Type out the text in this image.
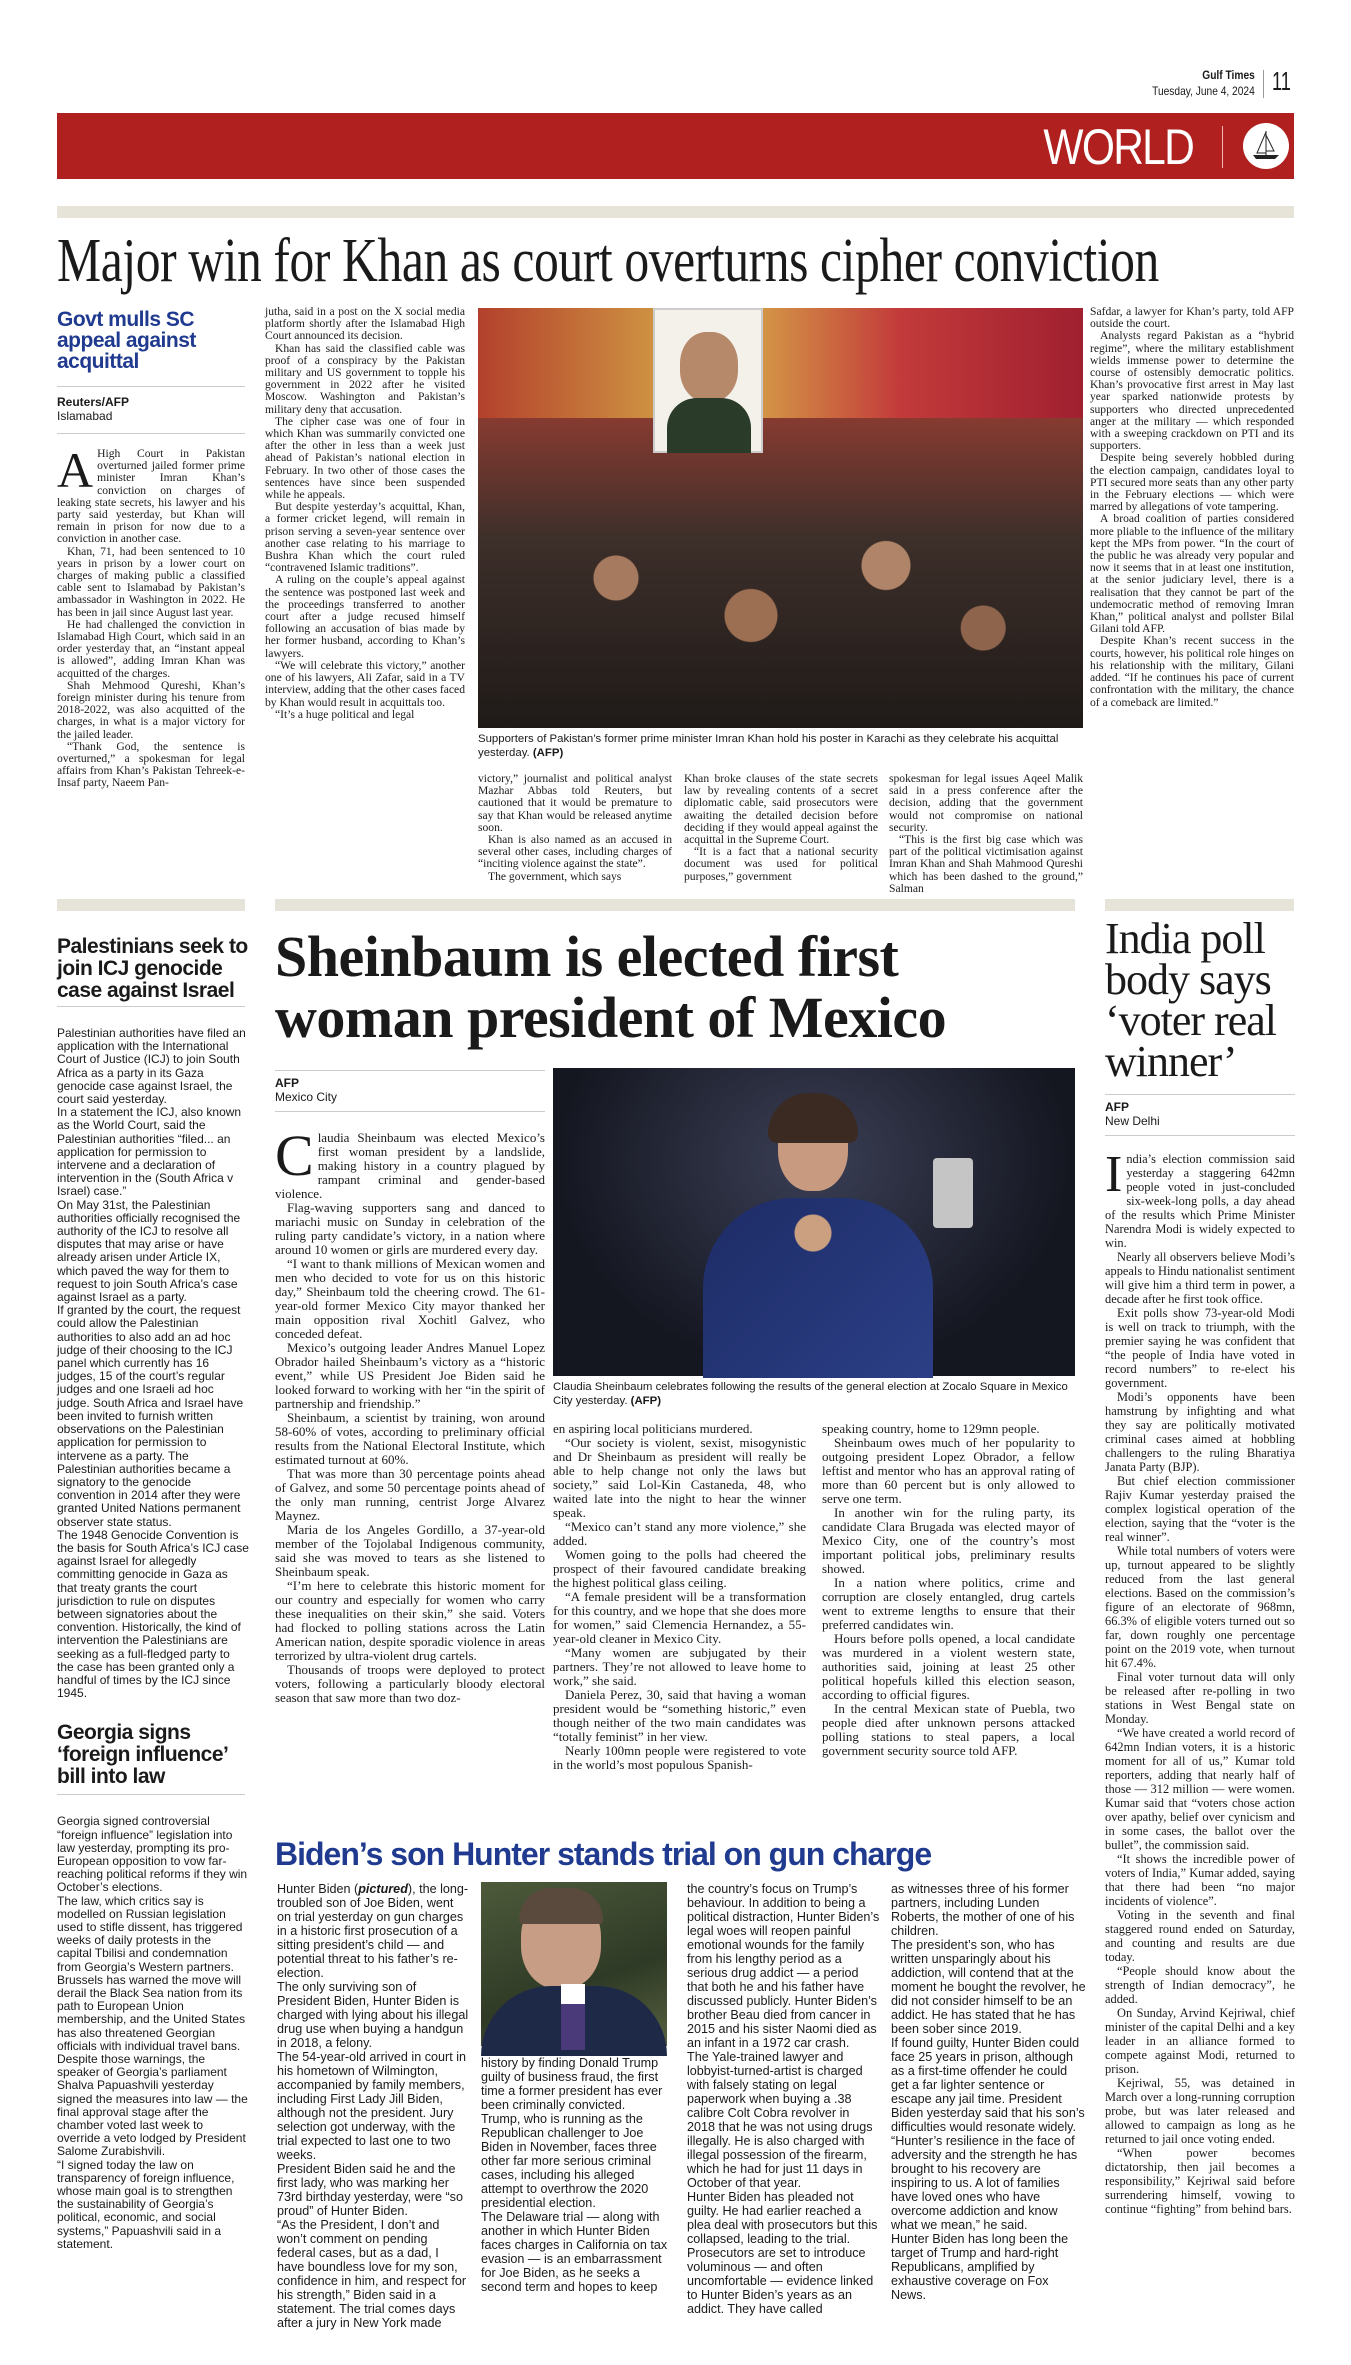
Gulf Times
Tuesday, June 4, 2024 11
WORLD
Major win for Khan as court overturns cipher conviction
Govt mulls SC appeal against acquittal
Reuters/AFP
Islamabad
A High Court in Pakistan overturned jailed former prime minister Imran Khan’s conviction on charges of leaking state secrets, his lawyer and his party said yesterday, but Khan will remain in prison for now due to a conviction in another case.

Khan, 71, had been sentenced to 10 years in prison by a lower court on charges of making public a classified cable sent to Islamabad by Pakistan’s ambassador in Washington in 2022. He has been in jail since August last year.

He had challenged the conviction in Islamabad High Court, which said in an order yesterday that, an “instant appeal is allowed”, adding Imran Khan was acquitted of the charges.

Shah Mehmood Qureshi, Khan’s foreign minister during his tenure from 2018-2022, was also acquitted of the charges, in what is a major victory for the jailed leader.

“Thank God, the sentence is overturned,” a spokesman for legal affairs from Khan’s Pakistan Tehreek-e-Insaf party, Naeem Pan-

jutha, said in a post on the X social media platform shortly after the Islamabad High Court announced its decision.

Khan has said the classified cable was proof of a conspiracy by the Pakistan military and US government to topple his government in 2022 after he visited Moscow. Washington and Pakistan’s military deny that accusation.

The cipher case was one of four in which Khan was summarily convicted one after the other in less than a week just ahead of Pakistan’s national election in February. In two other of those cases the sentences have since been suspended while he appeals.

But despite yesterday’s acquittal, Khan, a former cricket legend, will remain in prison serving a seven-year sentence over another case relating to his marriage to Bushra Khan which the court ruled “contravened Islamic traditions”.

A ruling on the couple’s appeal against the sentence was postponed last week and the proceedings transferred to another court after a judge recused himself following an accusation of bias made by her former husband, according to Khan’s lawyers.

“We will celebrate this victory,” another one of his lawyers, Ali Zafar, said in a TV interview, adding that the other cases faced by Khan would result in acquittals too.

“It’s a huge political and legal

Supporters of Pakistan’s former prime minister Imran Khan hold his poster in Karachi as they celebrate his acquittal yesterday. (AFP)

victory,” journalist and political analyst Mazhar Abbas told Reuters, but cautioned that it would be premature to say that Khan would be released anytime soon.

Khan is also named as an accused in several other cases, including charges of “inciting violence against the state”.

The government, which says

Khan broke clauses of the state secrets law by revealing contents of a secret diplomatic cable, said prosecutors were awaiting the detailed decision before deciding if they would appeal against the acquittal in the Supreme Court.

“It is a fact that a national security document was used for political purposes,” government

spokesman for legal issues Aqeel Malik said in a press conference after the decision, adding that the government would not compromise on national security.

“This is the first big case which was part of the political victimisation against Imran Khan and Shah Mahmood Qureshi which has been dashed to the ground,” Salman

Safdar, a lawyer for Khan’s party, told AFP outside the court.

Analysts regard Pakistan as a “hybrid regime”, where the military establishment wields immense power to determine the course of ostensibly democratic politics. Khan’s provocative first arrest in May last year sparked nationwide protests by supporters who directed unprecedented anger at the military — which responded with a sweeping crackdown on PTI and its supporters.

Despite being severely hobbled during the election campaign, candidates loyal to PTI secured more seats than any other party in the February elections — which were marred by allegations of vote tampering.

A broad coalition of parties considered more pliable to the influence of the military kept the MPs from power. “In the court of the public he was already very popular and now it seems that in at least one institution, at the senior judiciary level, there is a realisation that they cannot be part of the undemocratic method of removing Imran Khan,” political analyst and pollster Bilal Gilani told AFP.

Despite Khan’s recent success in the courts, however, his political role hinges on his relationship with the military, Gilani added. “If he continues his pace of current confrontation with the military, the chance of a comeback are limited.”

Palestinians seek to join ICJ genocide case against Israel

Palestinian authorities have filed an application with the International Court of Justice (ICJ) to join South Africa as a party in its Gaza genocide case against Israel, the court said yesterday.

In a statement the ICJ, also known as the World Court, said the Palestinian authorities “filed... an application for permission to intervene and a declaration of intervention in the (South Africa v Israel) case.”

On May 31st, the Palestinian authorities officially recognised the authority of the ICJ to resolve all disputes that may arise or have already arisen under Article IX, which paved the way for them to request to join South Africa’s case against Israel as a party.

If granted by the court, the request could allow the Palestinian authorities to also add an ad hoc judge of their choosing to the ICJ panel which currently has 16 judges, 15 of the court’s regular judges and one Israeli ad hoc judge. South Africa and Israel have been invited to furnish written observations on the Palestinian application for permission to intervene as a party. The Palestinian authorities became a signatory to the genocide convention in 2014 after they were granted United Nations permanent observer state status.

The 1948 Genocide Convention is the basis for South Africa’s ICJ case against Israel for allegedly committing genocide in Gaza as that treaty grants the court jurisdiction to rule on disputes between signatories about the convention. Historically, the kind of intervention the Palestinians are seeking as a full-fledged party to the case has been granted only a handful of times by the ICJ since 1945.

Georgia signs ‘foreign influence’ bill into law

Georgia signed controversial “foreign influence” legislation into law yesterday, prompting its pro-European opposition to vow far-reaching political reforms if they win October’s elections.

The law, which critics say is modelled on Russian legislation used to stifle dissent, has triggered weeks of daily protests in the capital Tbilisi and condemnation from Georgia’s Western partners. Brussels has warned the move will derail the Black Sea nation from its path to European Union membership, and the United States has also threatened Georgian officials with individual travel bans.

Despite those warnings, the speaker of Georgia’s parliament Shalva Papuashvili yesterday signed the measures into law — the final approval stage after the chamber voted last week to override a veto lodged by President Salome Zurabishvili.

“I signed today the law on transparency of foreign influence, whose main goal is to strengthen the sustainability of Georgia’s political, economic, and social systems,” Papuashvili said in a statement.

Sheinbaum is elected first woman president of Mexico
AFP
Mexico City
C laudia Sheinbaum was elected Mexico’s first woman president by a landslide, making history in a country plagued by rampant criminal and gender-based violence.

Flag-waving supporters sang and danced to mariachi music on Sunday in celebration of the ruling party candidate’s victory, in a nation where around 10 women or girls are murdered every day.

“I want to thank millions of Mexican women and men who decided to vote for us on this historic day,” Sheinbaum told the cheering crowd. The 61-year-old former Mexico City mayor thanked her main opposition rival Xochitl Galvez, who conceded defeat.

Mexico’s outgoing leader Andres Manuel Lopez Obrador hailed Sheinbaum’s victory as a “historic event,” while US President Joe Biden said he looked forward to working with her “in the spirit of partnership and friendship.”

Sheinbaum, a scientist by training, won around 58-60% of votes, according to preliminary official results from the National Electoral Institute, which estimated turnout at 60%.

That was more than 30 percentage points ahead of Galvez, and some 50 percentage points ahead of the only man running, centrist Jorge Alvarez Maynez.

Maria de los Angeles Gordillo, a 37-year-old member of the Tojolabal Indigenous community, said she was moved to tears as she listened to Sheinbaum speak.

“I’m here to celebrate this historic moment for our country and especially for women who carry these inequalities on their skin,” she said. Voters had flocked to polling stations across the Latin American nation, despite sporadic violence in areas terrorized by ultra-violent drug cartels.

Thousands of troops were deployed to protect voters, following a particularly bloody electoral season that saw more than two doz-

Claudia Sheinbaum celebrates following the results of the general election at Zocalo Square in Mexico City yesterday. (AFP)

en aspiring local politicians murdered.

“Our society is violent, sexist, misogynistic and Dr Sheinbaum as president will really be able to help change not only the laws but society,” said Lol-Kin Castaneda, 48, who waited late into the night to hear the winner speak.

“Mexico can’t stand any more violence,” she added.

Women going to the polls had cheered the prospect of their favoured candidate breaking the highest political glass ceiling.

“A female president will be a transformation for this country, and we hope that she does more for women,” said Clemencia Hernandez, a 55-year-old cleaner in Mexico City.

“Many women are subjugated by their partners. They’re not allowed to leave home to work,” she said.

Daniela Perez, 30, said that having a woman president would be “something historic,” even though neither of the two main candidates was “totally feminist” in her view.

Nearly 100mn people were registered to vote in the world’s most populous Spanish-

speaking country, home to 129mn people.

Sheinbaum owes much of her popularity to outgoing president Lopez Obrador, a fellow leftist and mentor who has an approval rating of more than 60 percent but is only allowed to serve one term.

In another win for the ruling party, its candidate Clara Brugada was elected mayor of Mexico City, one of the country’s most important political jobs, preliminary results showed.

In a nation where politics, crime and corruption are closely entangled, drug cartels went to extreme lengths to ensure that their preferred candidates win.

Hours before polls opened, a local candidate was murdered in a violent western state, authorities said, joining at least 25 other political hopefuls killed this election season, according to official figures.

In the central Mexican state of Puebla, two people died after unknown persons attacked polling stations to steal papers, a local government security source told AFP.

Biden’s son Hunter stands trial on gun charge

Hunter Biden (pictured), the long-troubled son of Joe Biden, went on trial yesterday on gun charges in a historic first prosecution of a sitting president’s child — and potential threat to his father’s re-election.

The only surviving son of President Biden, Hunter Biden is charged with lying about his illegal drug use when buying a handgun in 2018, a felony.

The 54-year-old arrived in court in his hometown of Wilmington, accompanied by family members, including First Lady Jill Biden, although not the president. Jury selection got underway, with the trial expected to last one to two weeks.

President Biden said he and the first lady, who was marking her 73rd birthday yesterday, were “so proud” of Hunter Biden.

“As the President, I don’t and won’t comment on pending federal cases, but as a dad, I have boundless love for my son, confidence in him, and respect for his strength,” Biden said in a statement. The trial comes days after a jury in New York made

history by finding Donald Trump guilty of business fraud, the first time a former president has ever been criminally convicted.

Trump, who is running as the Republican challenger to Joe Biden in November, faces three other far more serious criminal cases, including his alleged attempt to overthrow the 2020 presidential election.

The Delaware trial — along with another in which Hunter Biden faces charges in California on tax evasion — is an embarrassment for Joe Biden, as he seeks a second term and hopes to keep

the country’s focus on Trump’s behaviour. In addition to being a political distraction, Hunter Biden’s legal woes will reopen painful emotional wounds for the family from his lengthy period as a serious drug addict — a period that both he and his father have discussed publicly. Hunter Biden’s brother Beau died from cancer in 2015 and his sister Naomi died as an infant in a 1972 car crash.

The Yale-trained lawyer and lobbyist-turned-artist is charged with falsely stating on legal paperwork when buying a .38 calibre Colt Cobra revolver in 2018 that he was not using drugs illegally. He is also charged with illegal possession of the firearm, which he had for just 11 days in October of that year.

Hunter Biden has pleaded not guilty. He had earlier reached a plea deal with prosecutors but this collapsed, leading to the trial. Prosecutors are set to introduce voluminous — and often uncomfortable — evidence linked to Hunter Biden’s years as an addict. They have called

as witnesses three of his former partners, including Lunden Roberts, the mother of one of his children.

The president’s son, who has written unsparingly about his addiction, will contend that at the moment he bought the revolver, he did not consider himself to be an addict. He has stated that he has been sober since 2019.

If found guilty, Hunter Biden could face 25 years in prison, although as a first-time offender he could get a far lighter sentence or escape any jail time. President Biden yesterday said that his son’s difficulties would resonate widely.

“Hunter’s resilience in the face of adversity and the strength he has brought to his recovery are inspiring to us. A lot of families have loved ones who have overcome addiction and know what we mean,” he said.

Hunter Biden has long been the target of Trump and hard-right Republicans, amplified by exhaustive coverage on Fox News.

India poll body says ‘voter real winner’
AFP
New Delhi
I ndia’s election commission said yesterday a staggering 642mn people voted in just-concluded six-week-long polls, a day ahead of the results which Prime Minister Narendra Modi is widely expected to win.

Nearly all observers believe Modi’s appeals to Hindu nationalist sentiment will give him a third term in power, a decade after he first took office.

Exit polls show 73-year-old Modi is well on track to triumph, with the premier saying he was confident that “the people of India have voted in record numbers” to re-elect his government.

Modi’s opponents have been hamstrung by infighting and what they say are politically motivated criminal cases aimed at hobbling challengers to the ruling Bharatiya Janata Party (BJP).

But chief election commissioner Rajiv Kumar yesterday praised the complex logistical operation of the election, saying that the “voter is the real winner”.

While total numbers of voters were up, turnout appeared to be slightly reduced from the last general elections. Based on the commission’s figure of an electorate of 968mn, 66.3% of eligible voters turned out so far, down roughly one percentage point on the 2019 vote, when turnout hit 67.4%.

Final voter turnout data will only be released after re-polling in two stations in West Bengal state on Monday.

“We have created a world record of 642mn Indian voters, it is a historic moment for all of us,” Kumar told reporters, adding that nearly half of those — 312 million — were women. Kumar said that “voters chose action over apathy, belief over cynicism and in some cases, the ballot over the bullet”, the commission said.

“It shows the incredible power of voters of India,” Kumar added, saying that there had been “no major incidents of violence”.

Voting in the seventh and final staggered round ended on Saturday, and counting and results are due today.

“People should know about the strength of Indian democracy”, he added.

On Sunday, Arvind Kejriwal, chief minister of the capital Delhi and a key leader in an alliance formed to compete against Modi, returned to prison.

Kejriwal, 55, was detained in March over a long-running corruption probe, but was later released and allowed to campaign as long as he returned to jail once voting ended.

“When power becomes dictatorship, then jail becomes a responsibility,” Kejriwal said before surrendering himself, vowing to continue “fighting” from behind bars.
